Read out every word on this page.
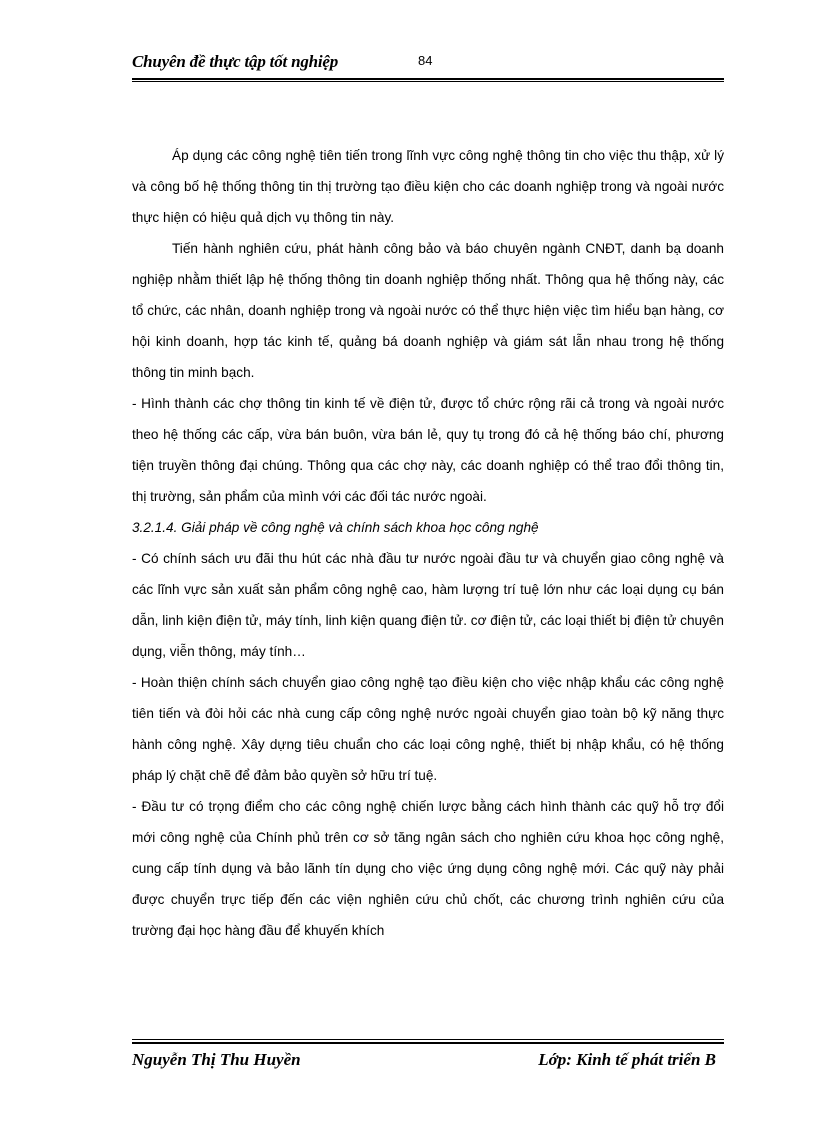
Chuyên đề thực tập tốt nghiệp	84

Áp dụng các công nghệ tiên tiến trong lĩnh vực công nghệ thông tin cho việc thu thập, xử lý và công bố hệ thống thông tin thị trường tạo điều kiện cho các doanh nghiệp trong và ngoài nước thực hiện có hiệu quả dịch vụ thông tin này.

Tiến hành nghiên cứu, phát hành công bảo và báo chuyên ngành CNĐT, danh bạ doanh nghiệp nhằm thiết lập hệ thống thông tin doanh nghiệp thống nhất. Thông qua hệ thống này, các tổ chức, các nhân, doanh nghiệp trong và ngoài nước có thể thực hiện việc tìm hiểu bạn hàng, cơ hội kinh doanh, hợp tác kinh tế, quảng bá doanh nghiệp và giám sát lẫn nhau trong hệ thống thông tin minh bạch.

- Hình thành các chợ thông tin kinh tế về điện tử, được tổ chức rộng rãi cả trong và ngoài nước theo hệ thống các cấp, vừa bán buôn, vừa bán lẻ, quy tụ trong đó cả hệ thống báo chí, phương tiện truyền thông đại chúng. Thông qua các chợ này, các doanh nghiệp có thể trao đổi thông tin, thị trường, sản phẩm của mình với các đối tác nước ngoài.

3.2.1.4. Giải pháp về công nghệ và chính sách khoa học công nghệ

- Có chính sách ưu đãi thu hút các nhà đầu tư nước ngoài đầu tư và chuyển giao công nghệ và các lĩnh vực sản xuất sản phẩm công nghệ cao, hàm lượng trí tuệ lớn như các loại dụng cụ bán dẫn, linh kiện điện tử, máy tính, linh kiện quang điện tử. cơ điện tử, các loại thiết bị điện tử chuyên dụng, viễn thông, máy tính…

- Hoàn thiện chính sách chuyển giao công nghệ tạo điều kiện cho việc nhập khẩu các công nghệ tiên tiến và đòi hỏi các nhà cung cấp công nghệ nước ngoài chuyển giao toàn bộ kỹ năng thực hành công nghệ. Xây dựng tiêu chuẩn cho các loại công nghệ, thiết bị nhập khẩu, có hệ thống pháp lý chặt chẽ để đảm bảo quyền sở hữu trí tuệ.

- Đầu tư có trọng điểm cho các công nghệ chiến lược bằng cách hình thành các quỹ hỗ trợ đổi mới công nghệ của Chính phủ trên cơ sở tăng ngân sách cho nghiên cứu khoa học công nghệ, cung cấp tính dụng và bảo lãnh tín dụng cho việc ứng dụng công nghệ mới. Các quỹ này phải được chuyển trực tiếp đến các viện nghiên cứu chủ chốt, các chương trình nghiên cứu của trường đại học hàng đầu để khuyến khích

Nguyễn Thị Thu Huyền	Lớp: Kinh tế phát triển B
